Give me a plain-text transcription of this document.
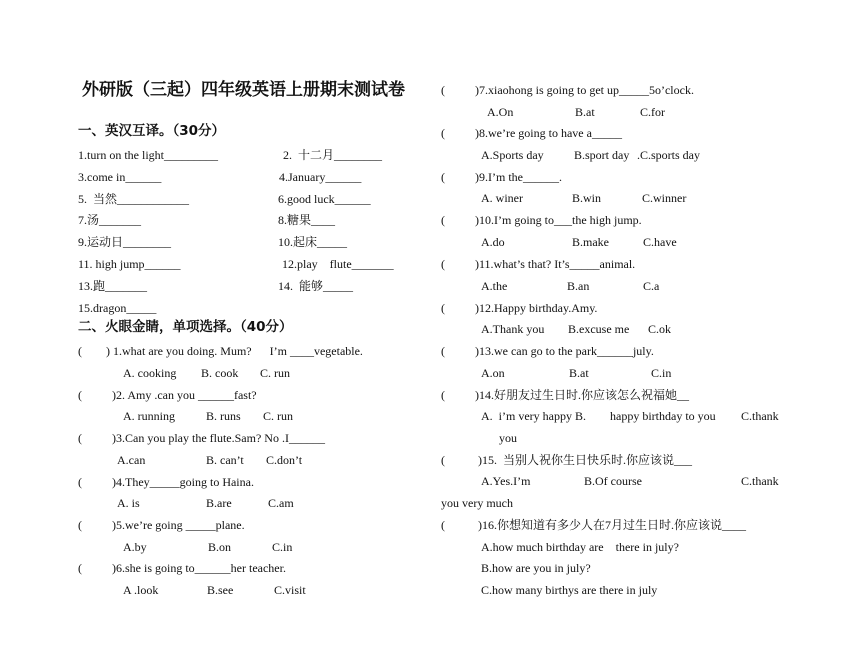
外研版（三起）四年级英语上册期末测试卷
一、英汉互译。（30分）
1.turn on the light_________	2.  十二月________
3.come in______	4.January______
5.  当然____________	6.good luck______
7.汤_______	8.糖果____
9.运动日________	10.起床_____
11. high jump______	12.play    flute_______
13.跑_______	14.  能够_____
15.dragon_____
二、火眼金睛，单项选择。（40分）
(        ) 1.what are you doing. Mum?      I’m ____vegetable.
A. cooking B. cook C. run
(          )2. Amy .can you ______fast?
A. running	B. runs C. run
(          )3.Can you play the flute.Sam? No .I______
A.can	B. can’t C.don’t
(          )4.They_____going to Haina.
A. is	B.are	C.am
(          )5.we’re going _____plane.
A.by	B.on	C.in
(          )6.she is going to______her teacher.
A .look	B.see	C.visit
(          )7.xiaohong is going to get up_____5o’clock.
A.On	B.at	C.for
(          )8.we’re going to have a_____
A.Sports day	B.sport day .C.sports day
(          )9.I’m the______.
A. winer	B.win	C.winner
(          )10.I’m going to___the high jump.
A.do	B.make	C.have
(          )11.what’s that? It’s_____animal.
A.the	B.an	C.a
(          )12.Happy birthday.Amy.
A.Thank you B.excuse me C.ok
(          )13.we can go to the park______july.
A.on	B.at	C.in
(          )14.好朋友过生日时.你应该怎么祝福她__
A.  i’m very happy B. happy birthday to you C.thank
you
(           )15.  当别人祝你生日快乐时.你应该说___
A.Yes.I’m	B.Of course	C.thank
you very much
(           )16.你想知道有多少人在7月过生日时.你应该说____
A.how much birthday are    there in july?
B.how are you in july?
C.how many birthys are there in july
